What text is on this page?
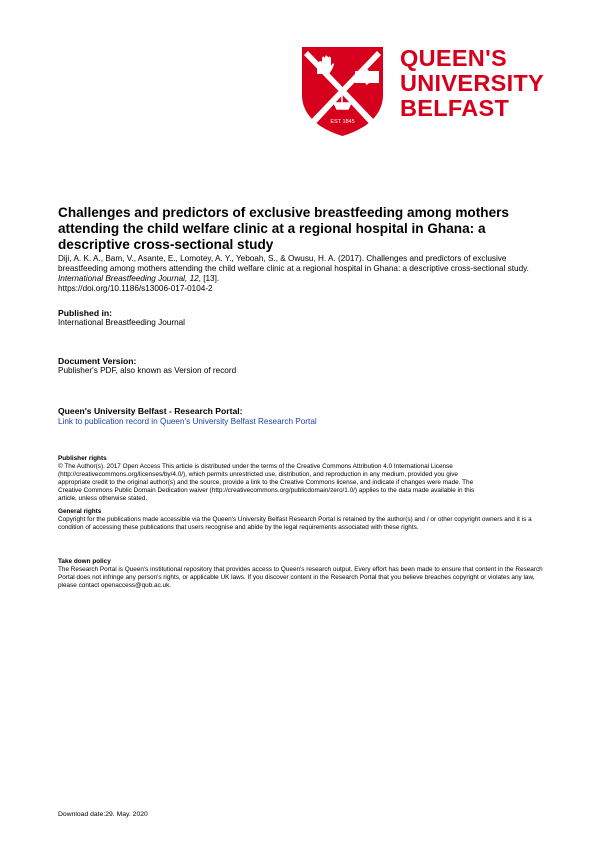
EST 1845
QUEEN'S
UNIVERSITY
BELFAST
Challenges and predictors of exclusive breastfeeding among mothers attending the child welfare clinic at a regional hospital in Ghana: a descriptive cross-sectional study
Diji, A. K. A., Bam, V., Asante, E., Lomotey, A. Y., Yeboah, S., & Owusu, H. A. (2017). Challenges and predictors of exclusive breastfeeding among mothers attending the child welfare clinic at a regional hospital in Ghana: a descriptive cross-sectional study. International Breastfeeding Journal, 12, [13].
https://doi.org/10.1186/s13006-017-0104-2
Published in:
International Breastfeeding Journal
Document Version:
Publisher's PDF, also known as Version of record
Queen's University Belfast - Research Portal:
Link to publication record in Queen's University Belfast Research Portal
Publisher rights
© The Author(s). 2017 Open Access This article is distributed under the terms of the Creative Commons Attribution 4.0 International License (http://creativecommons.org/licenses/by/4.0/), which permits unrestricted use, distribution, and reproduction in any medium, provided you give appropriate credit to the original author(s) and the source, provide a link to the Creative Commons license, and indicate if changes were made. The Creative Commons Public Domain Dedication waiver (http://creativecommons.org/publicdomain/zero/1.0/) applies to the data made available in this article, unless otherwise stated.
General rights
Copyright for the publications made accessible via the Queen's University Belfast Research Portal is retained by the author(s) and / or other copyright owners and it is a condition of accessing these publications that users recognise and abide by the legal requirements associated with these rights.
Take down policy
The Research Portal is Queen's institutional repository that provides access to Queen's research output. Every effort has been made to ensure that content in the Research Portal does not infringe any person's rights, or applicable UK laws. If you discover content in the Research Portal that you believe breaches copyright or violates any law, please contact openaccess@qub.ac.uk.
Download date:29. May. 2020
